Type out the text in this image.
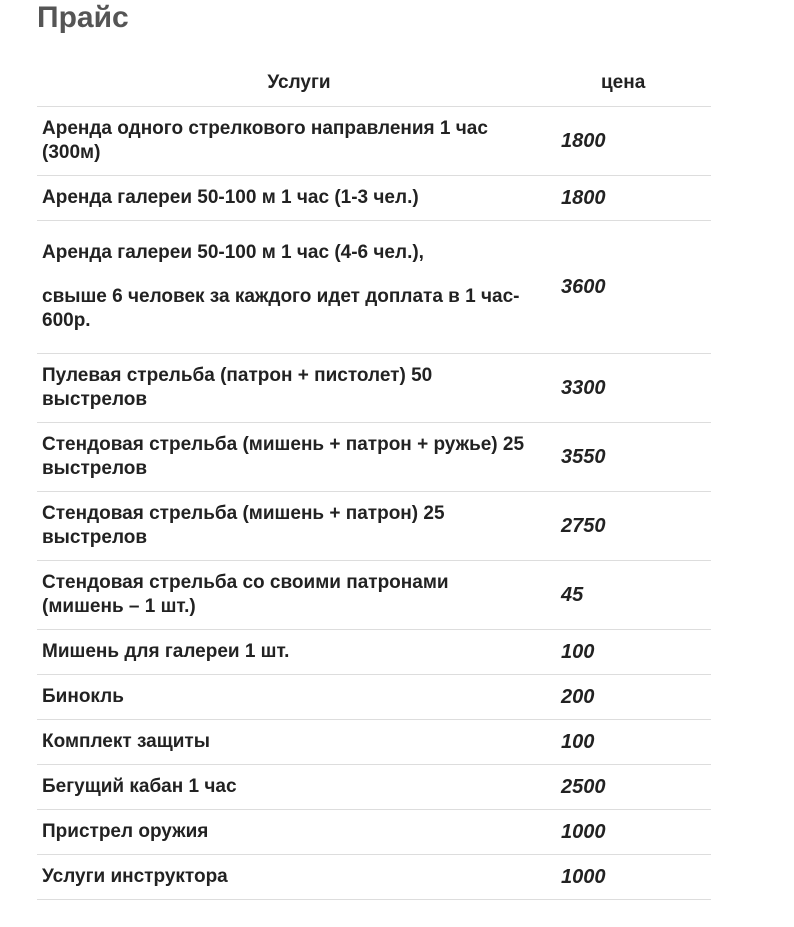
Прайс
Услуги	цена

Аренда одного стрелкового направления 1 час (300м)	1800

Аренда галереи 50-100 м 1 час (1-3 чел.)	1800

Аренда галереи 50-100 м 1 час (4-6 чел.),
свыше 6 человек за каждого идет доплата в 1 час- 600р.	3600

Пулевая стрельба (патрон + пистолет) 50 выстрелов	3300

Стендовая стрельба (мишень + патрон + ружье) 25 выстрелов	3550

Стендовая стрельба (мишень + патрон) 25 выстрелов	2750

Стендовая стрельба со своими патронами (мишень – 1 шт.)	45

Мишень для галереи 1 шт.	100

Бинокль	200

Комплект защиты	100

Бегущий кабан 1 час	2500

Пристрел оружия	1000

Услуги инструктора	1000
